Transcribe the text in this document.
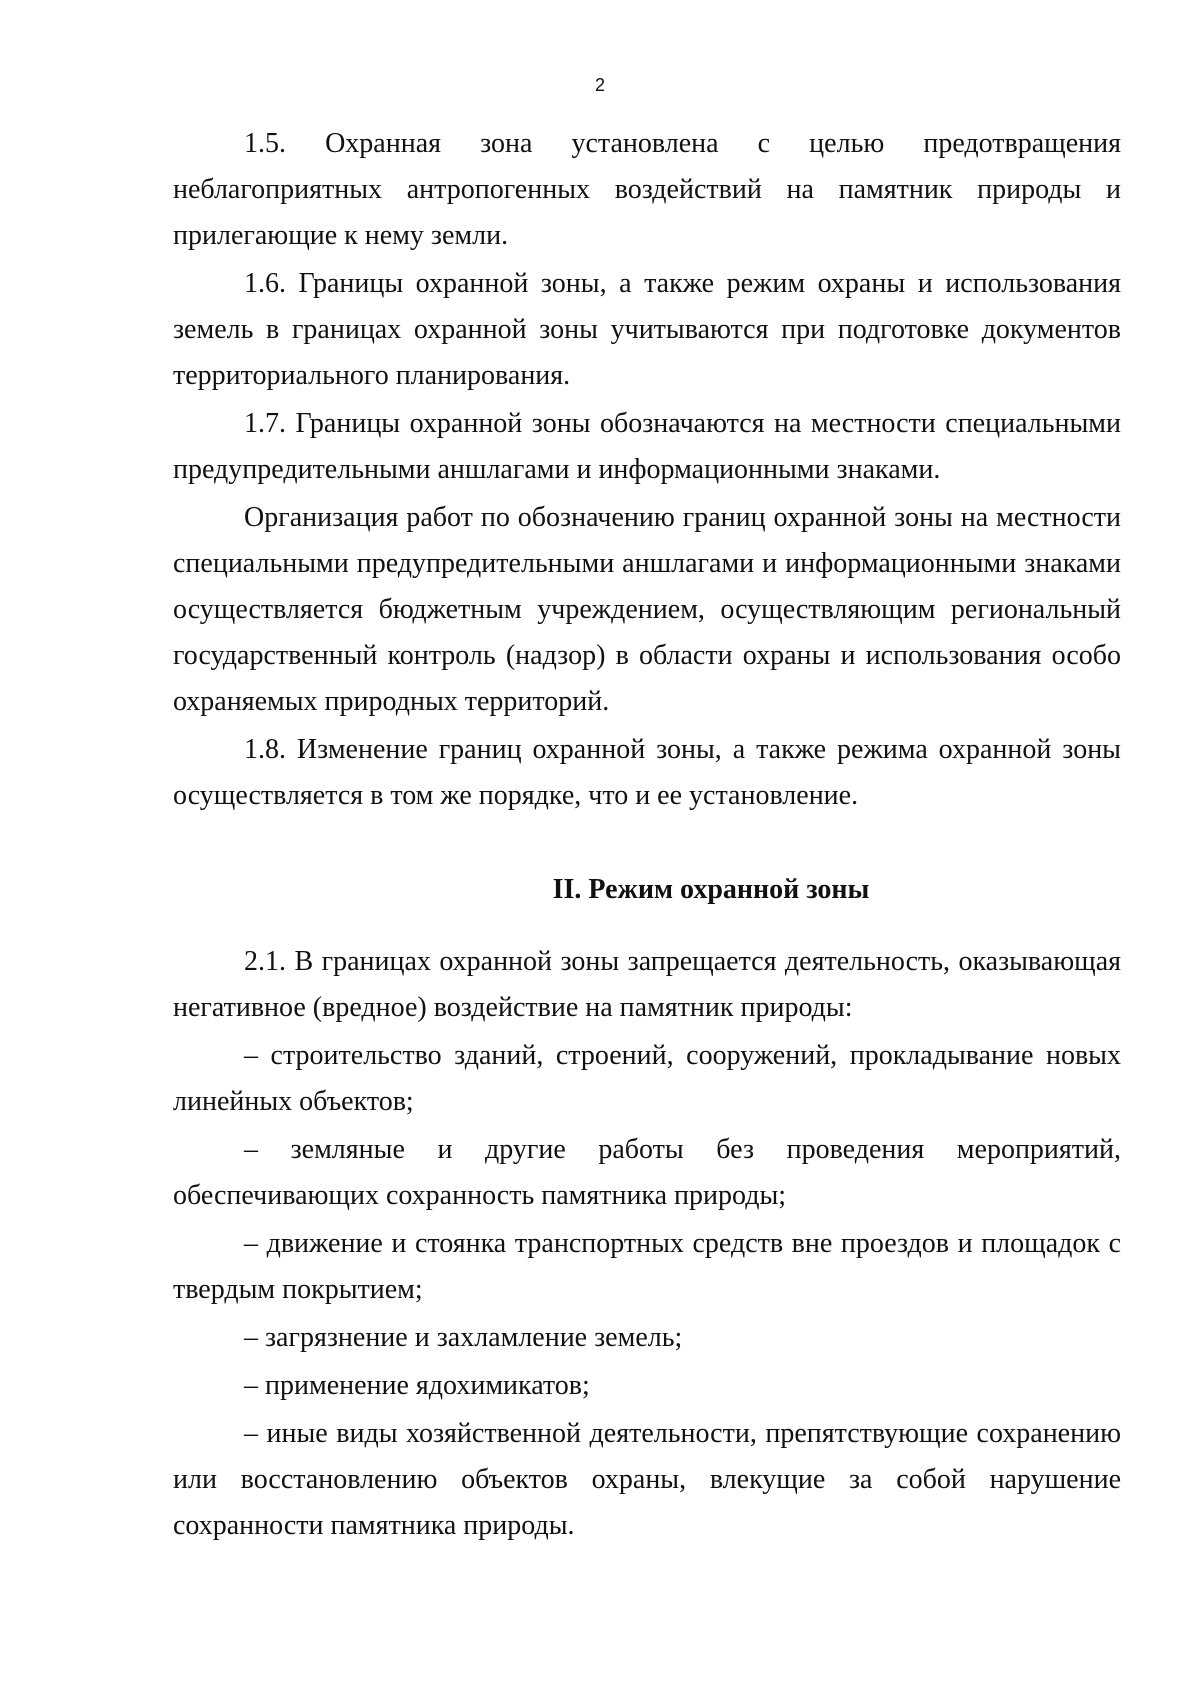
2

1.5. Охранная зона установлена с целью предотвращения неблагоприятных антропогенных воздействий на памятник природы и прилегающие к нему земли.

1.6. Границы охранной зоны, а также режим охраны и использования земель в границах охранной зоны учитываются при подготовке документов территориального планирования.

1.7. Границы охранной зоны обозначаются на местности специальными предупредительными аншлагами и информационными знаками.

Организация работ по обозначению границ охранной зоны на местности специальными предупредительными аншлагами и информационными знаками осуществляется бюджетным учреждением, осуществляющим региональный государственный контроль (надзор) в области охраны и использования особо охраняемых природных территорий.

1.8. Изменение границ охранной зоны, а также режима охранной зоны осуществляется в том же порядке, что и ее установление.

II. Режим охранной зоны

2.1. В границах охранной зоны запрещается деятельность, оказывающая негативное (вредное) воздействие на памятник природы:

– строительство зданий, строений, сооружений, прокладывание новых линейных объектов;

– земляные и другие работы без проведения мероприятий, обеспечивающих сохранность памятника природы;

– движение и стоянка транспортных средств вне проездов и площадок с твердым покрытием;

– загрязнение и захламление земель;

– применение ядохимикатов;

– иные виды хозяйственной деятельности, препятствующие сохранению или восстановлению объектов охраны, влекущие за собой нарушение сохранности памятника природы.
